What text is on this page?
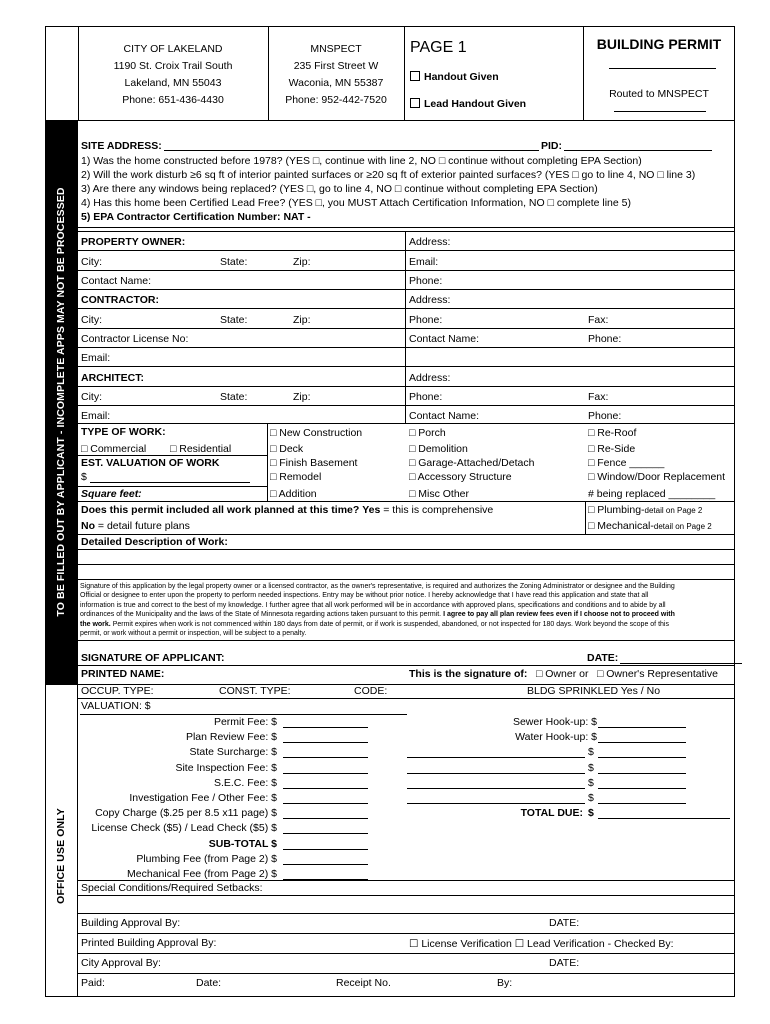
TO BE FILLED OUT BY APPLICANT - INCOMPLETE APPS MAY NOT BE PROCESSED
OFFICE USE ONLY
CITY OF LAKELAND
1190 St. Croix Trail South
Lakeland, MN 55043
Phone: 651-436-4430
MNSPECT
235 First Street W
Waconia, MN 55387
Phone: 952-442-7520
PAGE 1
Handout Given
Lead Handout Given
BUILDING PERMIT
Routed to MNSPECT
SITE ADDRESS:	PID:
1) Was the home constructed before 1978? (YES □, continue with line 2, NO □ continue without completing EPA Section)
2) Will the work disturb ≥6 sq ft of interior painted surfaces or ≥20 sq ft of exterior painted surfaces? (YES □ go to line 4, NO □ line 3)
3) Are there any windows being replaced? (YES □, go to line 4, NO □ continue without completing EPA Section)
4) Has this home been Certified Lead Free? (YES □, you MUST Attach Certification Information, NO □ complete line 5)
5) EPA Contractor Certification Number: NAT -
PROPERTY OWNER:	Address:
City:	State:	Zip:	Email:
Contact Name:	Phone:
CONTRACTOR:	Address:
City:	State:	Zip:	Phone:	Fax:
Contractor License No:	Contact Name:	Phone:
Email:
ARCHITECT:	Address:
City:	State:	Zip:	Phone:	Fax:
Email:	Contact Name:	Phone:
TYPE OF WORK:
□ Commercial □ Residential
EST. VALUATION OF WORK
$
Square feet:
□ New Construction
□ Deck
□ Finish Basement
□ Remodel
□ Addition
□ Porch
□ Demolition
□ Garage-Attached/Detach
□ Accessory Structure
□ Misc Other
□ Re-Roof
□ Re-Side
□ Fence ______
□ Window/Door Replacement
# being replaced ________
Does this permit included all work planned at this time? Yes = this is comprehensive
No = detail future plans
□ Plumbing-detail on Page 2
□ Mechanical-detail on Page 2
Detailed Description of Work:
Signature of this application by the legal property owner or a licensed contractor, as the owner's representative, is required and authorizes the Zoning Administrator or designee and the Building
Official or designee to enter upon the property to perform needed inspections. Entry may be without prior notice. I hereby acknowledge that I have read this application and state that all
information is true and correct to the best of my knowledge. I further agree that all work performed will be in accordance with approved plans, specifications and conditions and to abide by all
ordinances of the Municipality and the laws of the State of Minnesota regarding actions taken pursuant to this permit. I agree to pay all plan review fees even if I choose not to proceed with
the work. Permit expires when work is not commenced within 180 days from date of permit, or if work is suspended, abandoned, or not inspected for 180 days. Work beyond the scope of this
permit, or work without a permit or inspection, will be subject to a penalty.
SIGNATURE OF APPLICANT:	DATE:
PRINTED NAME:	This is the signature of: □ Owner or □ Owner's Representative
OCCUP. TYPE:	CONST. TYPE:	CODE:	BLDG SPRINKLED Yes / No
VALUATION: $
Permit Fee: $
Plan Review Fee: $
State Surcharge: $
Site Inspection Fee: $
S.E.C. Fee: $
Investigation Fee / Other Fee: $
Copy Charge ($.25 per 8.5 x11 page) $
License Check ($5) / Lead Check ($5) $
SUB-TOTAL $
Plumbing Fee (from Page 2) $
Mechanical Fee (from Page 2) $
Sewer Hook-up: $
Water Hook-up: $
$
$
$
$
TOTAL DUE: $
Special Conditions/Required Setbacks:
Building Approval By:	DATE:
Printed Building Approval By:	☐ License Verification ☐ Lead Verification - Checked By:
City Approval By:	DATE:
Paid:	Date:	Receipt No.	By:
